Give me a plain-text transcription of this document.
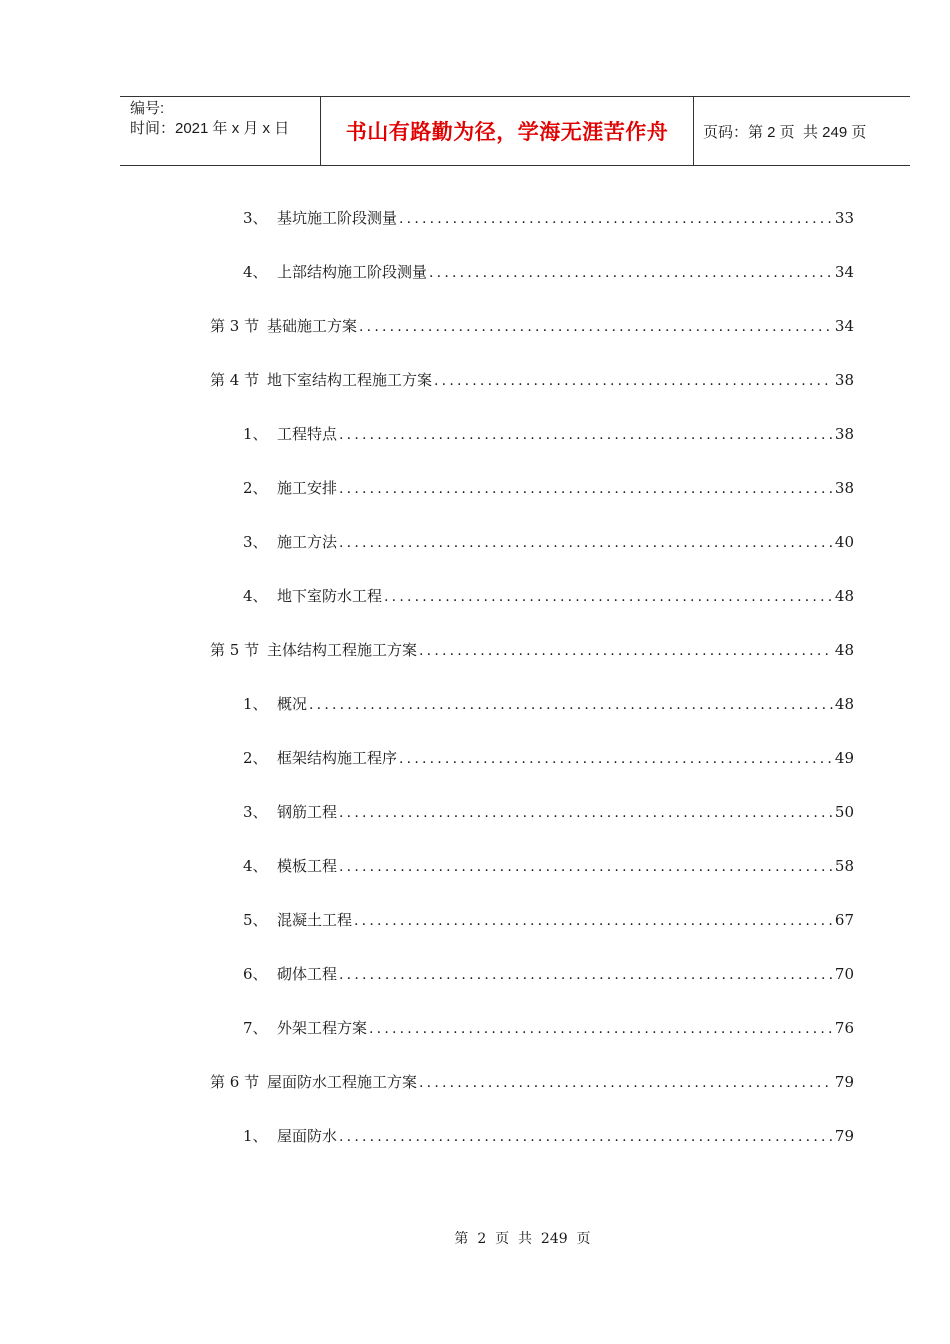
编号:
时间：2021 年 x 月 x 日	书山有路勤为径，学海无涯苦作舟 页码：第 2 页  共 249 页
3、 基坑施工阶段测量 .....	33
4、 上部结构施工阶段测量 .....	34
第 3 节 基础施工方案 .....	34
第 4 节 地下室结构工程施工方案 .....	38
1、 工程特点 .....	38
2、 施工安排 .....	38
3、 施工方法 .....	40
4、 地下室防水工程 .....	48
第 5 节 主体结构工程施工方案 .....	48
1、 概况 .....	48
2、 框架结构施工程序 .....	49
3、 钢筋工程 .....	50
4、 模板工程 .....	58
5、 混凝土工程 .....	67
6、 砌体工程 .....	70
7、 外架工程方案 .....	76
第 6 节 屋面防水工程施工方案 .....	79
1、 屋面防水 .....	79
第  2  页  共  249  页
